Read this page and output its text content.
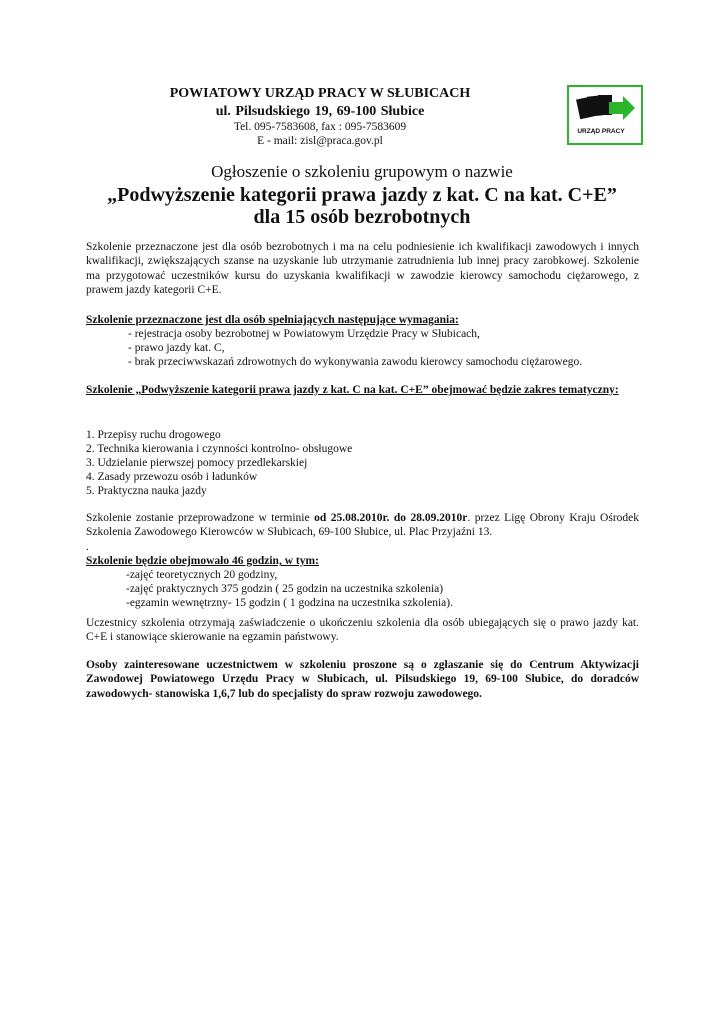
POWIATOWY URZĄD PRACY W SŁUBICACH
ul. Pilsudskiego 19, 69-100 Słubice
Tel. 095-7583608, fax : 095-7583609
E - mail: zisl@praca.gov.pl
URZĄD PRACY
Ogłoszenie o szkoleniu grupowym o nazwie
„Podwyższenie kategorii prawa jazdy z kat. C na kat. C+E”
dla 15 osób bezrobotnych
Szkolenie przeznaczone jest dla osób bezrobotnych i ma na celu podniesienie ich kwalifikacji zawodowych i innych kwalifikacji, zwiększających szanse na uzyskanie lub utrzymanie zatrudnienia lub innej pracy zarobkowej. Szkolenie ma przygotować uczestników kursu do uzyskania kwalifikacji w zawodzie kierowcy samochodu ciężarowego, z prawem jazdy kategorii C+E.
Szkolenie przeznaczone jest dla osób spełniających następujące wymagania:
- rejestracja osoby bezrobotnej w Powiatowym Urzędzie Pracy w Słubicach,
- prawo jazdy kat. C,
- brak przeciwwskazań zdrowotnych do wykonywania zawodu kierowcy samochodu ciężarowego.
Szkolenie „Podwyższenie kategorii prawa jazdy z kat. C na kat. C+E” obejmować będzie zakres tematyczny:
1. Przepisy ruchu drogowego
2. Technika kierowania i czynności kontrolno- obsługowe
3. Udzielanie pierwszej pomocy przedlekarskiej
4. Zasady przewozu osób i ładunków
5. Praktyczna nauka jazdy
Szkolenie zostanie przeprowadzone w terminie od 25.08.2010r. do 28.09.2010r. przez Ligę Obrony Kraju Ośrodek Szkolenia Zawodowego Kierowców w Słubicach, 69-100 Słubice, ul. Plac Przyjaźni 13.
.
Szkolenie będzie obejmowało 46 godzin, w tym:
-zajęć teoretycznych 20 godziny,
-zajęć praktycznych 375 godzin ( 25 godzin na uczestnika szkolenia)
-egzamin wewnętrzny- 15 godzin ( 1 godzina na uczestnika szkolenia).
Uczestnicy szkolenia otrzymają zaświadczenie o ukończeniu szkolenia dla osób ubiegających się o prawo jazdy kat. C+E i stanowiące skierowanie na egzamin państwowy.
Osoby zainteresowane uczestnictwem w szkoleniu proszone są o zgłaszanie się do Centrum Aktywizacji Zawodowej Powiatowego Urzędu Pracy w Słubicach, ul. Pilsudskiego 19, 69-100 Słubice, do doradców zawodowych- stanowiska 1,6,7 lub do specjalisty do spraw rozwoju zawodowego.
